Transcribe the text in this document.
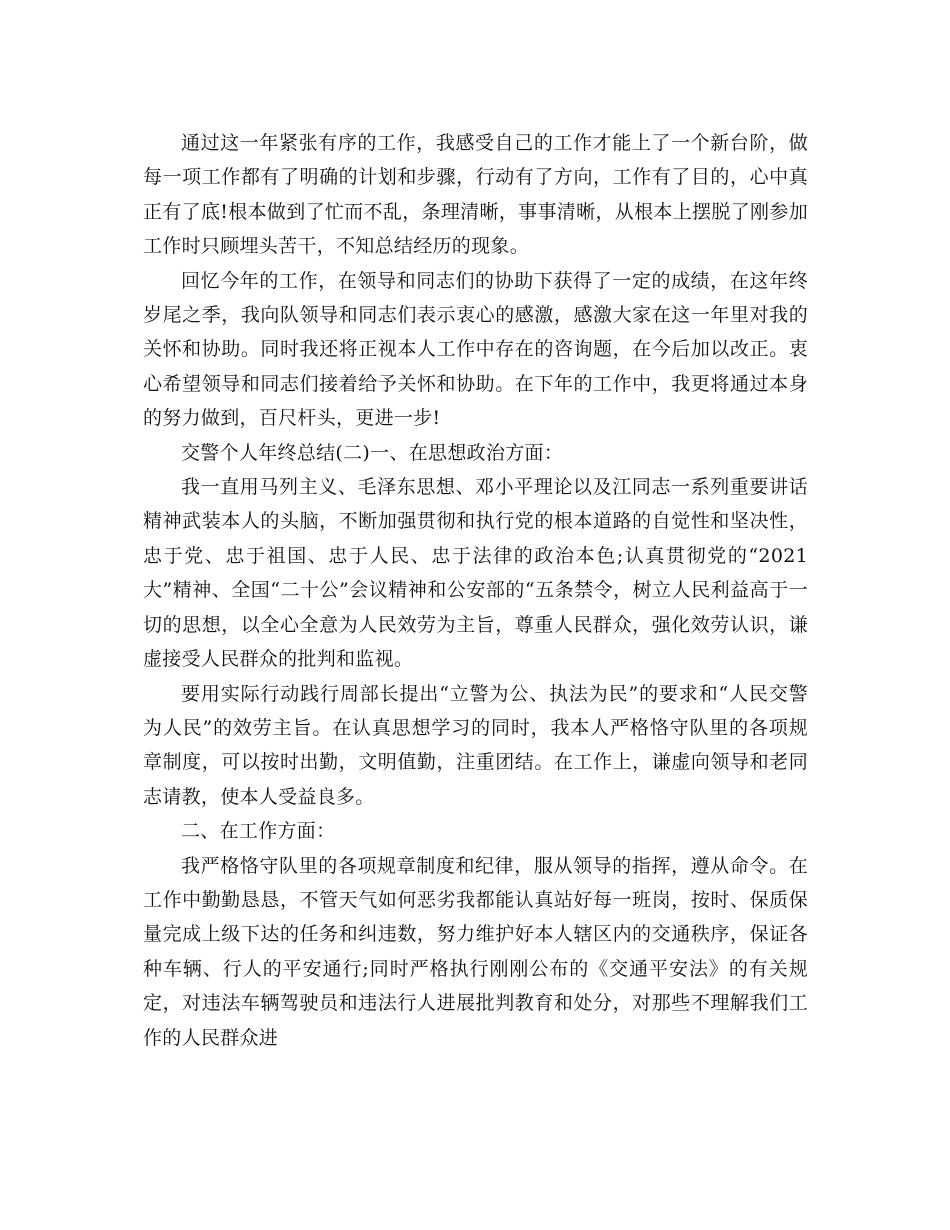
通过这一年紧张有序的工作，我感受自己的工作才能上了一个新台阶，做每一项工作都有了明确的计划和步骤，行动有了方向，工作有了目的，心中真正有了底!根本做到了忙而不乱，条理清晰，事事清晰，从根本上摆脱了刚参加工作时只顾埋头苦干，不知总结经历的现象。

回忆今年的工作，在领导和同志们的协助下获得了一定的成绩，在这年终岁尾之季，我向队领导和同志们表示衷心的感激，感激大家在这一年里对我的关怀和协助。同时我还将正视本人工作中存在的咨询题，在今后加以改正。衷心希望领导和同志们接着给予关怀和协助。在下年的工作中，我更将通过本身的努力做到，百尺杆头，更进一步!

交警个人年终总结(二)一、在思想政治方面：

我一直用马列主义、毛泽东思想、邓小平理论以及江同志一系列重要讲话精神武装本人的头脑，不断加强贯彻和执行党的根本道路的自觉性和坚决性，忠于党、忠于祖国、忠于人民、忠于法律的政治本色;认真贯彻党的“2021大”精神、全国“二十公”会议精神和公安部的“五条禁令，树立人民利益高于一切的思想，以全心全意为人民效劳为主旨，尊重人民群众，强化效劳认识，谦虚接受人民群众的批判和监视。

要用实际行动践行周部长提出“立警为公、执法为民”的要求和“人民交警为人民”的效劳主旨。在认真思想学习的同时，我本人严格恪守队里的各项规章制度，可以按时出勤，文明值勤，注重团结。在工作上，谦虚向领导和老同志请教，使本人受益良多。

二、在工作方面：

我严格恪守队里的各项规章制度和纪律，服从领导的指挥，遵从命令。在工作中勤勤恳恳，不管天气如何恶劣我都能认真站好每一班岗，按时、保质保量完成上级下达的任务和纠违数，努力维护好本人辖区内的交通秩序，保证各种车辆、行人的平安通行;同时严格执行刚刚公布的《交通平安法》的有关规定，对违法车辆驾驶员和违法行人进展批判教育和处分，对那些不理解我们工作的人民群众进
